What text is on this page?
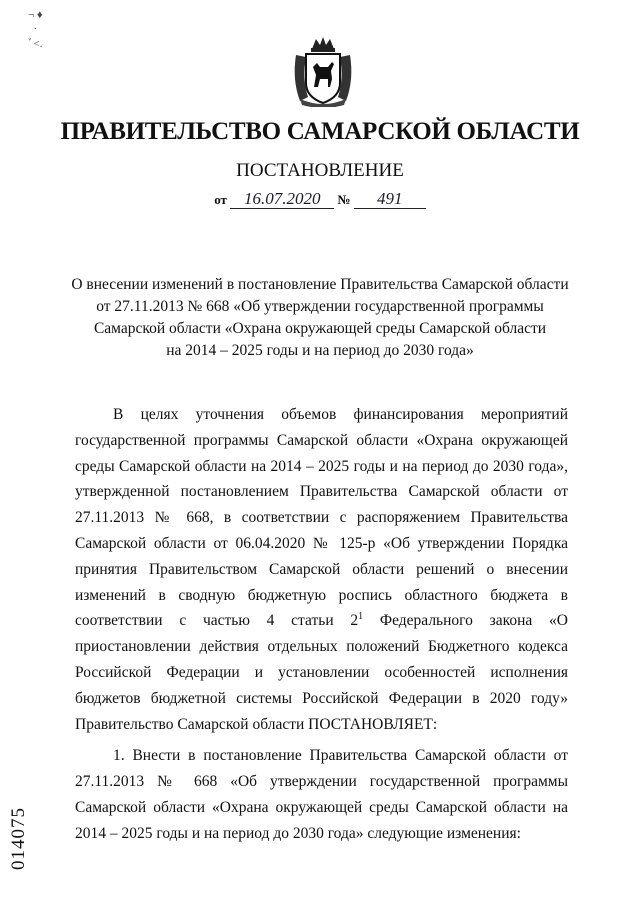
¬ ♦
·
ﾞ<.
ПРАВИТЕЛЬСТВО САМАРСКОЙ ОБЛАСТИ
ПОСТАНОВЛЕНИЕ
от 16.07.2020 № 491
О внесении изменений в постановление Правительства Самарской области
от 27.11.2013 № 668 «Об утверждении государственной программы
Самарской области «Охрана окружающей среды Самарской области
на 2014 – 2025 годы и на период до 2030 года»

В целях уточнения объемов финансирования мероприятий государственной программы Самарской области «Охрана окружающей среды Самарской области на 2014 – 2025 годы и на период до 2030 года», утвержденной постановлением Правительства Самарской области от 27.11.2013 № 668, в соответствии с распоряжением Правительства Самарской области от 06.04.2020 № 125-р «Об утверждении Порядка принятия Правительством Самарской области решений о внесении изменений в сводную бюджетную роспись областного бюджета в соответствии с частью 4 статьи $2^1$ Федерального закона «О приостановлении действия отдельных положений Бюджетного кодекса Российской Федерации и установлении особенностей исполнения бюджетов бюджетной системы Российской Федерации в 2020 году» Правительство Самарской области ПОСТАНОВЛЯЕТ:

1. Внести в постановление Правительства Самарской области от 27.11.2013 № 668 «Об утверждении государственной программы Самарской области «Охрана окружающей среды Самарской области на 2014 – 2025 годы и на период до 2030 года» следующие изменения:

014075
